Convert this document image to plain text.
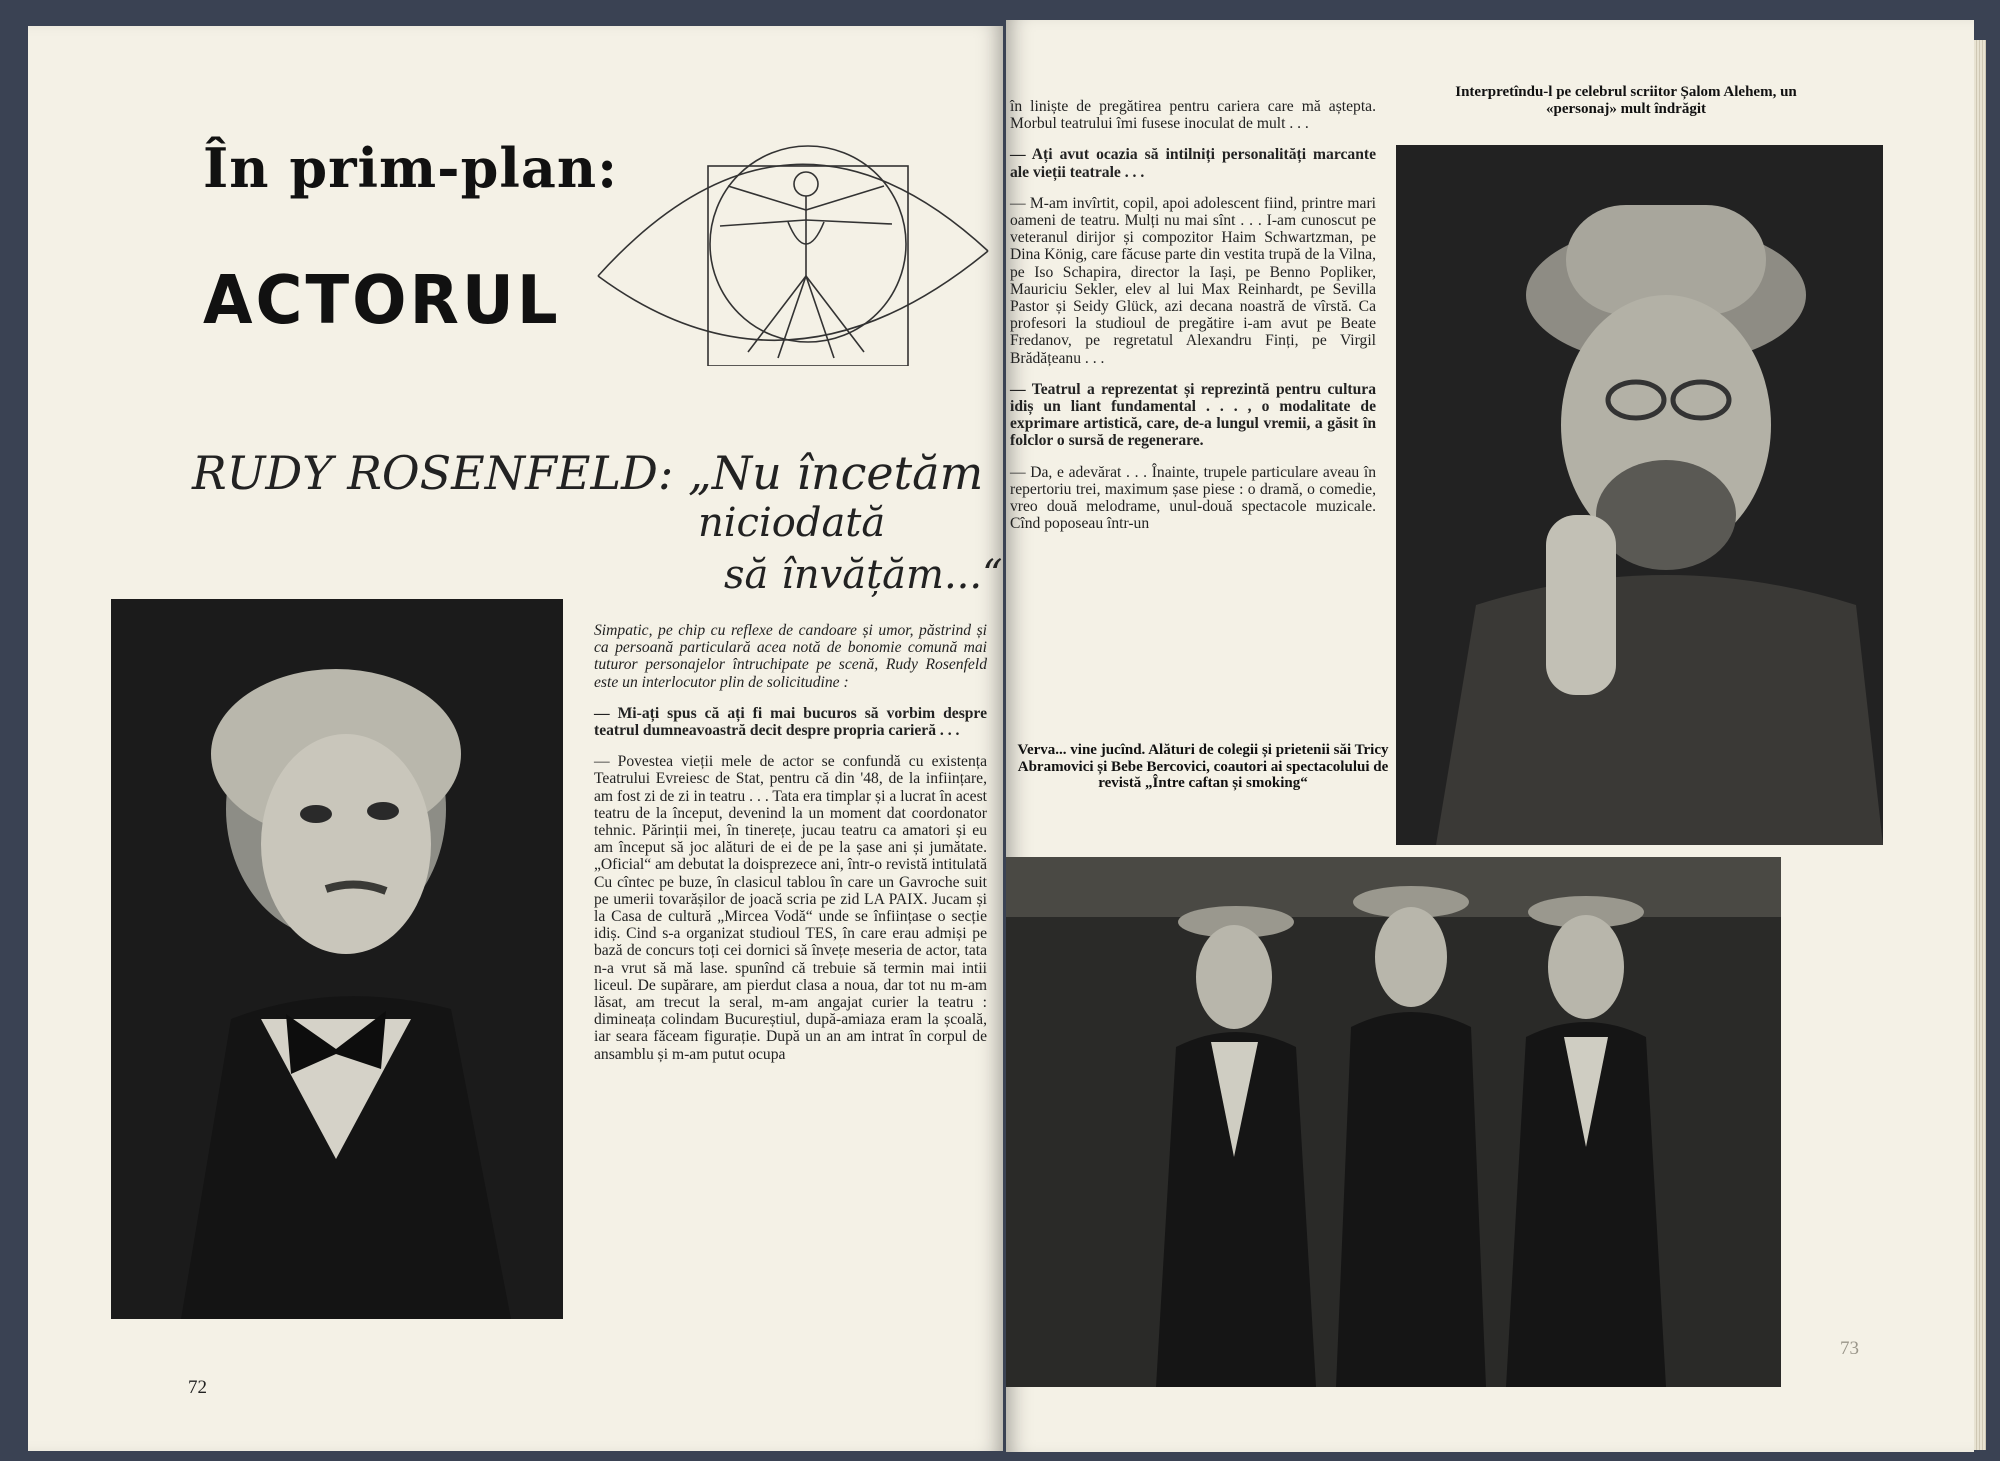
În prim-plan:
ACTORUL
RUDY ROSENFELD: „Nu încetăm
niciodată
să învățăm...“

Simpatic, pe chip cu reflexe de candoare și umor, păstrind și ca persoană particulară acea notă de bonomie comună mai tuturor personajelor întruchipate pe scenă, Rudy Rosenfeld este un interlocutor plin de solicitudine :

— Mi-ați spus că ați fi mai bucuros să vorbim despre teatrul dumneavoastră decit despre propria carieră . . .

— Povestea vieții mele de actor se confundă cu existența Teatrului Evreiesc de Stat, pentru că din '48, de la inființare, am fost zi de zi in teatru . . . Tata era timplar și a lucrat în acest teatru de la început, devenind la un moment dat coordonator tehnic. Părinții mei, în tinerețe, jucau teatru ca amatori și eu am început să joc alături de ei de pe la șase ani și jumătate. „Oficial“ am debutat la doisprezece ani, într-o revistă intitulată Cu cîntec pe buze, în clasicul tablou în care un Gavroche suit pe umerii tovarășilor de joacă scria pe zid LA PAIX. Jucam și la Casa de cultură „Mircea Vodă“ unde se înființase o secție idiș. Cind s-a organizat studioul TES, în care erau admiși pe bază de concurs toți cei dornici să învețe meseria de actor, tata n-a vrut să mă lase. spunînd că trebuie să termin mai intii liceul. De supărare, am pierdut clasa a noua, dar tot nu m-am lăsat, am trecut la seral, m-am angajat curier la teatru : dimineața colindam Bucureștiul, după-amiaza eram la școală, iar seara făceam figurație. După un an am intrat în corpul de ansamblu și m-am putut ocupa

72

în liniște de pregătirea pentru cariera care mă aștepta. Morbul teatrului îmi fusese inoculat de mult . . .

— Ați avut ocazia să intilniți personalități marcante ale vieții teatrale . . .

— M-am invîrtit, copil, apoi adolescent fiind, printre mari oameni de teatru. Mulți nu mai sînt . . . I-am cunoscut pe veteranul dirijor și compozitor Haim Schwartzman, pe Dina König, care făcuse parte din vestita trupă de la Vilna, pe Iso Schapira, director la Iași, pe Benno Popliker, Mauriciu Sekler, elev al lui Max Reinhardt, pe Sevilla Pastor și Seidy Glück, azi decana noastră de vîrstă. Ca profesori la studioul de pregătire i-am avut pe Beate Fredanov, pe regretatul Alexandru Finți, pe Virgil Brădățeanu . . .

— Teatrul a reprezentat și reprezintă pentru cultura idiș un liant fundamental . . . , o modalitate de exprimare artistică, care, de-a lungul vremii, a găsit în folclor o sursă de regenerare.

— Da, e adevărat . . . Înainte, trupele particulare aveau în repertoriu trei, maximum șase piese : o dramă, o comedie, vreo două melodrame, unul-două spectacole muzicale. Cînd poposeau într-un

Interpretîndu-l pe celebrul scriitor Șalom Alehem, un «personaj» mult îndrăgit
Verva... vine jucînd. Alături de colegii și prietenii săi Tricy Abramovici și Bebe Bercovici, coautori ai spectacolului de revistă „Între caftan și smoking“
73
